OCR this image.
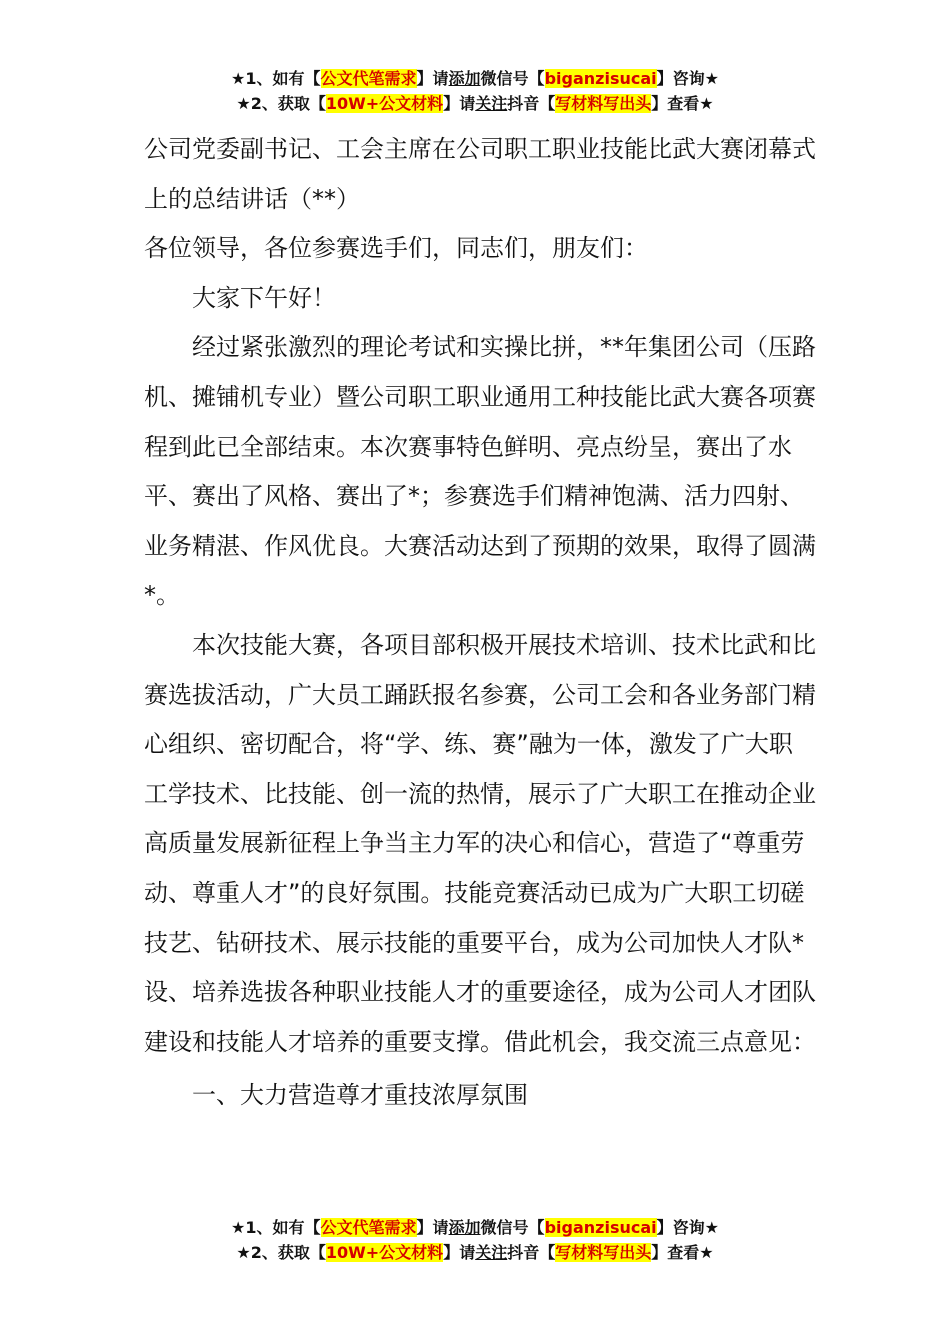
★1、如有【公文代笔需求】请添加微信号【biganzisucai】咨询★
★2、获取【10W+公文材料】请关注抖音【写材料写出头】查看★

公司党委副书记、工会主席在公司职工职业技能比武大赛闭幕式上的总结讲话（**）

各位领导，各位参赛选手们，同志们，朋友们：

大家下午好！

经过紧张激烈的理论考试和实操比拼，**年集团公司（压路机、摊铺机专业）暨公司职工职业通用工种技能比武大赛各项赛程到此已全部结束。本次赛事特色鲜明、亮点纷呈，赛出了水平、赛出了风格、赛出了*；参赛选手们精神饱满、活力四射、业务精湛、作风优良。大赛活动达到了预期的效果，取得了圆满*。

本次技能大赛，各项目部积极开展技术培训、技术比武和比赛选拔活动，广大员工踊跃报名参赛，公司工会和各业务部门精心组织、密切配合，将“学、练、赛”融为一体，激发了广大职工学技术、比技能、创一流的热情，展示了广大职工在推动企业高质量发展新征程上争当主力军的决心和信心，营造了“尊重劳动、尊重人才”的良好氛围。技能竞赛活动已成为广大职工切磋技艺、钻研技术、展示技能的重要平台，成为公司加快人才队*设、培养选拔各种职业技能人才的重要途径，成为公司人才团队建设和技能人才培养的重要支撑。借此机会，我交流三点意见：

一、大力营造尊才重技浓厚氛围

★1、如有【公文代笔需求】请添加微信号【biganzisucai】咨询★
★2、获取【10W+公文材料】请关注抖音【写材料写出头】查看★
